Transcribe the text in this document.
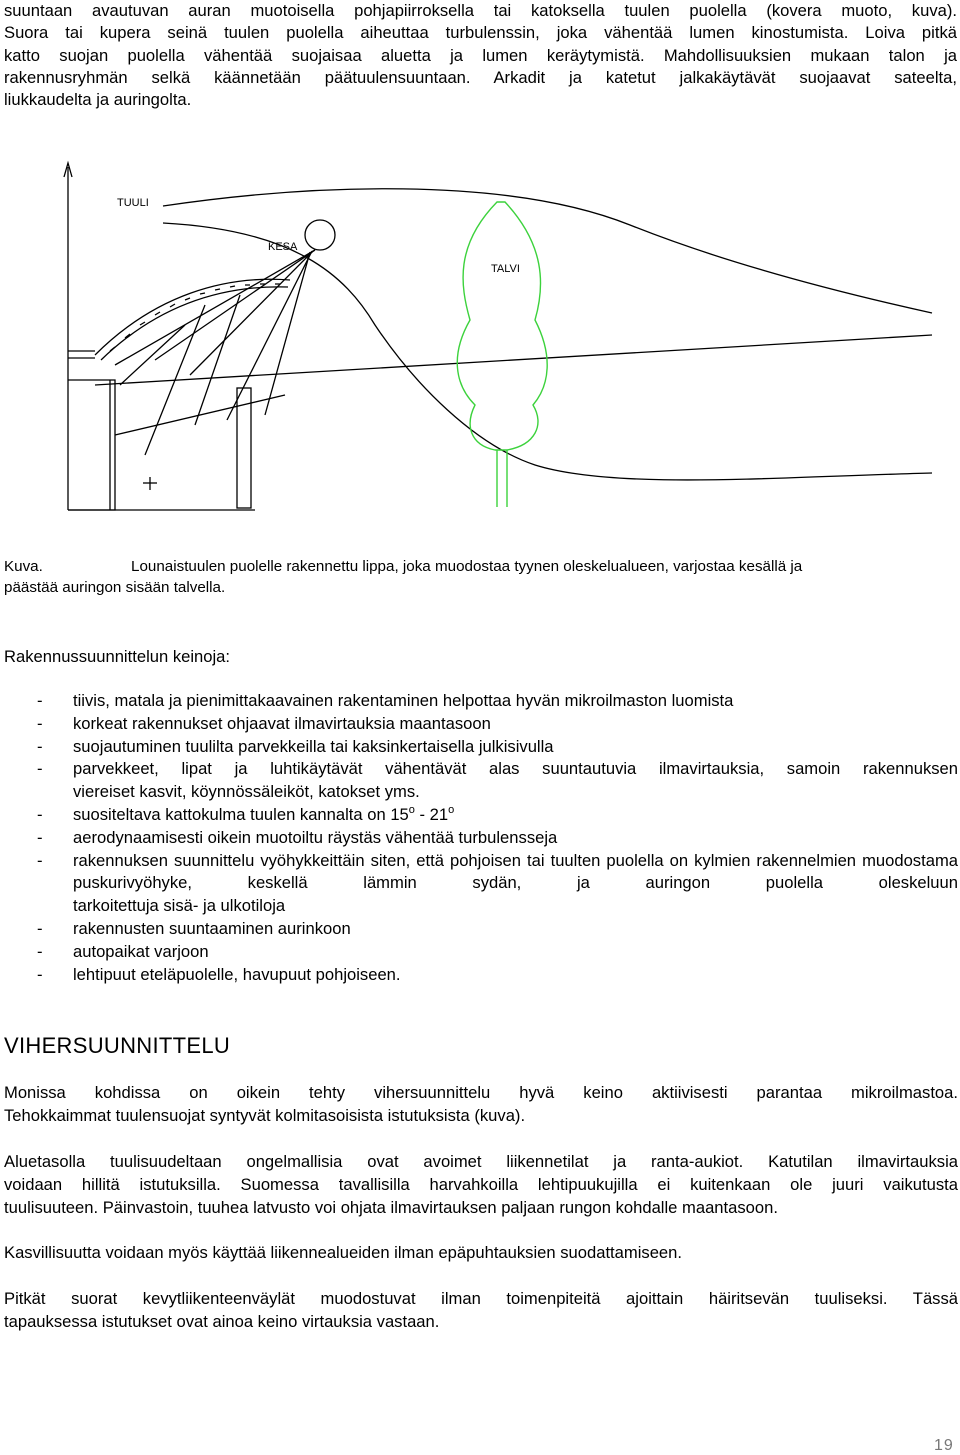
suuntaan avautuvan auran muotoisella pohjapiirroksella tai katoksella tuulen puolella (kovera muoto, kuva).
Suora tai kupera seinä tuulen puolella aiheuttaa turbulenssin, joka vähentää lumen kinostumista. Loiva pitkä
katto suojan puolella vähentää suojaisaa aluetta ja lumen keräytymistä. Mahdollisuuksien mukaan talon ja
rakennusryhmän selkä käännetään päätuulensuuntaan. Arkadit ja katetut jalkakäytävät suojaavat sateelta,
liukkaudelta ja auringolta.
TUULI
KESA
TALVI
Kuva.	Lounaistuulen puolelle rakennettu lippa, joka muodostaa tyynen oleskelualueen, varjostaa kesällä ja
päästää auringon sisään talvella.
Rakennussuunnittelun keinoja:
- tiivis, matala ja pienimittakaavainen rakentaminen helpottaa hyvän mikroilmaston luomista
- korkeat rakennukset ohjaavat ilmavirtauksia maantasoon
- suojautuminen tuulilta parvekkeilla tai kaksinkertaisella julkisivulla
- parvekkeet, lipat ja luhtikäytävät vähentävät alas suuntautuvia ilmavirtauksia, samoin rakennuksen
viereiset kasvit, köynnössäleiköt, katokset yms.
- suositeltava kattokulma tuulen kannalta on 15$^o$ - 21$^o$
- aerodynaamisesti oikein muotoiltu räystäs vähentää turbulensseja
- rakennuksen suunnittelu vyöhykkeittäin siten, että pohjoisen tai tuulten puolella on kylmien rakennelmien muodostama puskurivyöhyke, keskellä lämmin sydän, ja auringon puolella oleskeluun
tarkoitettuja sisä- ja ulkotiloja
- rakennusten suuntaaminen aurinkoon
- autopaikat varjoon
- lehtipuut eteläpuolelle, havupuut pohjoiseen.
VIHERSUUNNITTELU
Monissa kohdissa on oikein tehty vihersuunnittelu hyvä keino aktiivisesti parantaa mikroilmastoa.
Tehokkaimmat tuulensuojat syntyvät kolmitasoisista istutuksista (kuva).
Aluetasolla tuulisuudeltaan ongelmallisia ovat avoimet liikennetilat ja ranta-aukiot. Katutilan ilmavirtauksia
voidaan hillitä istutuksilla. Suomessa tavallisilla harvahkoilla lehtipuukujilla ei kuitenkaan ole juuri vaikutusta
tuulisuuteen. Päinvastoin, tuuhea latvusto voi ohjata ilmavirtauksen paljaan rungon kohdalle maantasoon.
Kasvillisuutta voidaan myös käyttää liikennealueiden ilman epäpuhtauksien suodattamiseen.
Pitkät suorat kevytliikenteenväylät muodostuvat ilman toimenpiteitä ajoittain häiritsevän tuuliseksi. Tässä
tapauksessa istutukset ovat ainoa keino virtauksia vastaan.
19
